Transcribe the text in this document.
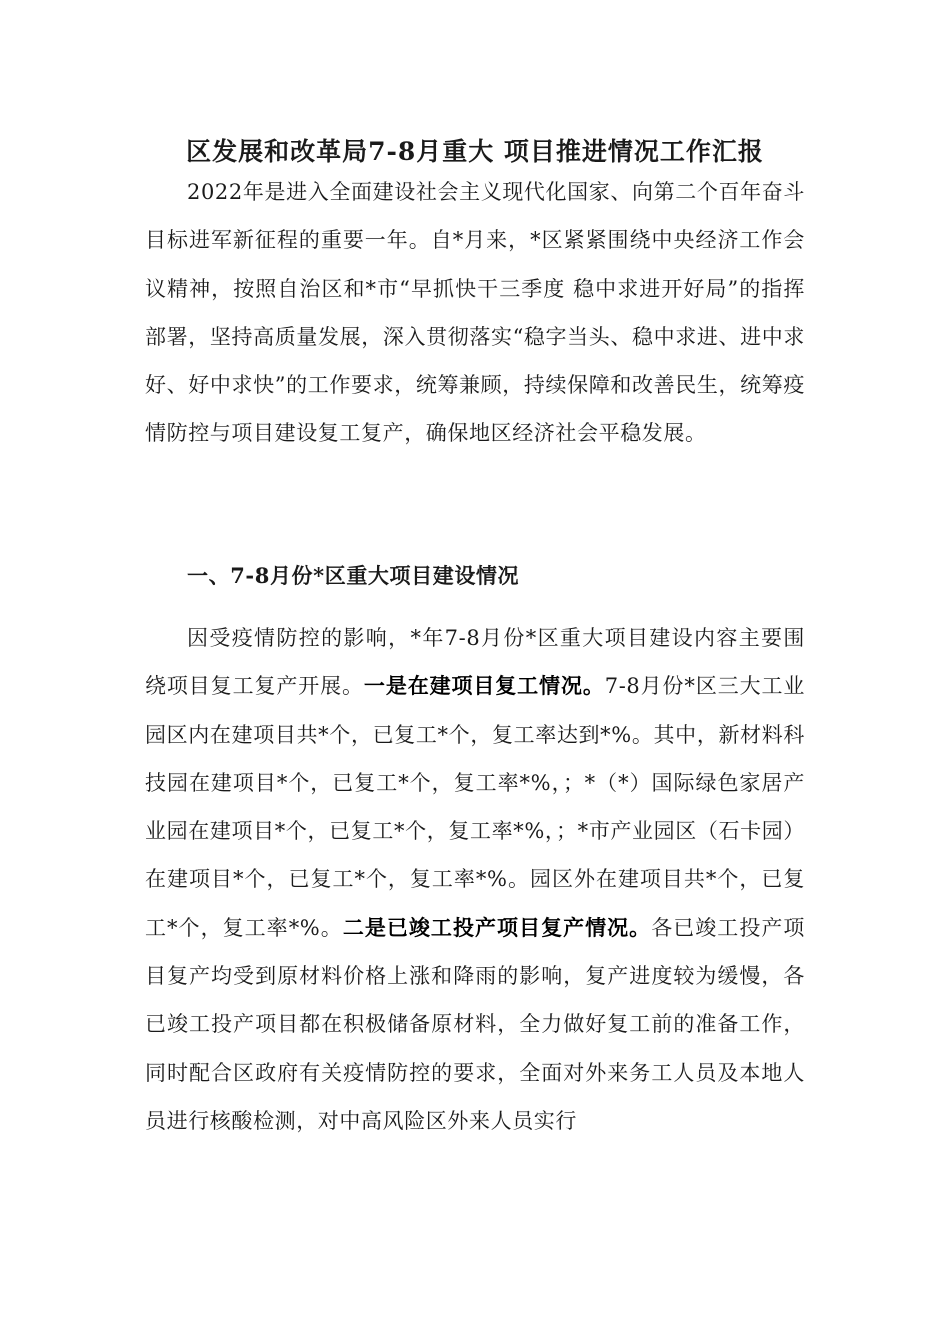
区发展和改革局7-8月重大 项目推进情况工作汇报

2022年是进入全面建设社会主义现代化国家、向第二个百年奋斗目标进军新征程的重要一年。自*月来，*区紧紧围绕中央经济工作会议精神，按照自治区和*市“早抓快干三季度 稳中求进开好局”的指挥部署，坚持高质量发展，深入贯彻落实“稳字当头、稳中求进、进中求好、好中求快”的工作要求，统筹兼顾，持续保障和改善民生，统筹疫情防控与项目建设复工复产，确保地区经济社会平稳发展。

一、7-8月份*区重大项目建设情况

因受疫情防控的影响，*年7-8月份*区重大项目建设内容主要围绕项目复工复产开展。一是在建项目复工情况。7-8月份*区三大工业园区内在建项目共*个，已复工*个，复工率达到*%。其中，新材料科技园在建项目*个，已复工*个，复工率*%，；*（*）国际绿色家居产业园在建项目*个，已复工*个，复工率*%，；*市产业园区（石卡园）在建项目*个，已复工*个，复工率*%。园区外在建项目共*个，已复工*个，复工率*%。二是已竣工投产项目复产情况。各已竣工投产项目复产均受到原材料价格上涨和降雨的影响，复产进度较为缓慢，各已竣工投产项目都在积极储备原材料，全力做好复工前的准备工作，同时配合区政府有关疫情防控的要求，全面对外来务工人员及本地人员进行核酸检测，对中高风险区外来人员实行
